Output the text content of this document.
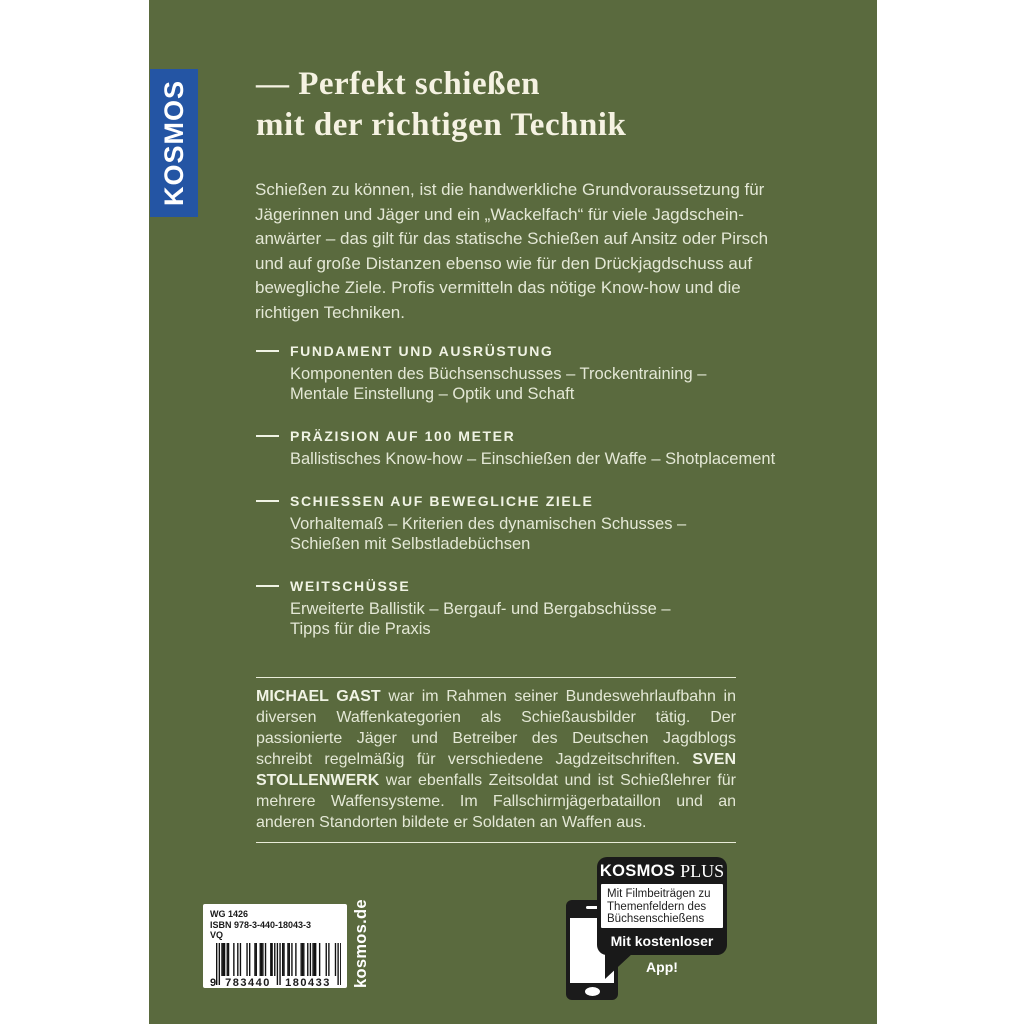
KOSMOS — Perfekt schießen
mit der richtigen Technik
Schießen zu können, ist die handwerkliche Grundvoraussetzung für
Jägerinnen und Jäger und ein „Wackelfach“ für viele Jagdschein-
anwärter – das gilt für das statische Schießen auf Ansitz oder Pirsch
und auf große Distanzen ebenso wie für den Drückjagdschuss auf
bewegliche Ziele. Profis vermitteln das nötige Know-how und die
richtigen Techniken.
FUNDAMENT UND AUSRÜSTUNG
Komponenten des Büchsenschusses – Trockentraining –
Mentale Einstellung – Optik und Schaft
PRÄZISION AUF 100 METER
Ballistisches Know-how – Einschießen der Waffe – Shotplacement
SCHIESSEN AUF BEWEGLICHE ZIELE
Vorhaltemaß – Kriterien des dynamischen Schusses –
Schießen mit Selbstladebüchsen
WEITSCHÜSSE
Erweiterte Ballistik – Bergauf- und Bergabschüsse –
Tipps für die Praxis

MICHAEL GAST war im Rahmen seiner Bundeswehrlaufbahn in diversen Waffenkategorien als Schießausbilder tätig. Der passionierte Jäger und Betreiber des Deutschen Jagdblogs schreibt regelmäßig für verschiedene Jagdzeitschriften. SVEN STOLLENWERK war ebenfalls Zeitsoldat und ist Schießlehrer für mehrere Waffensysteme. Im Fallschirmjägerbataillon und an anderen Standorten bildete er Soldaten an Waffen aus.

WG 1426
ISBN 978-3-440-18043-3
VQ
9 783440	180433	kosmos.de
KOSMOS PLUS
Mit Filmbeiträgen zu Themenfeldern des Büchsenschießens
Mit kostenloser App!
